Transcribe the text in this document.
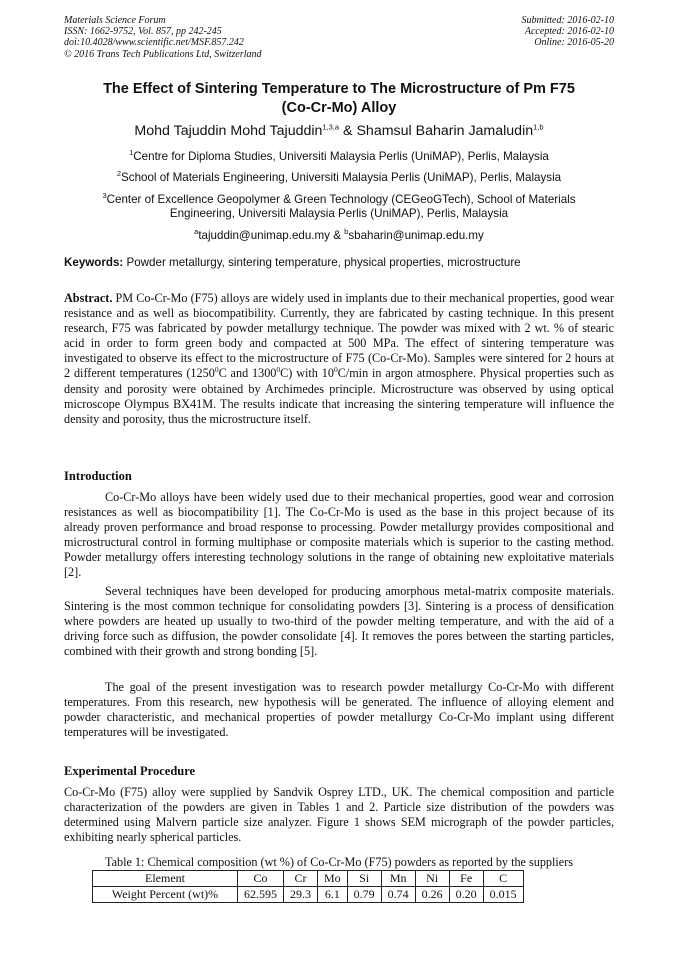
Materials Science Forum
ISSN: 1662-9752, Vol. 857, pp 242-245
doi:10.4028/www.scientific.net/MSF.857.242
© 2016 Trans Tech Publications Ltd, Switzerland
Submitted: 2016-02-10
Accepted: 2016-02-10
Online: 2016-05-20
The Effect of Sintering Temperature to The Microstructure of Pm F75
(Co-Cr-Mo) Alloy
Mohd Tajuddin Mohd Tajuddin$^{1,3,a}$ & Shamsul Baharin Jamaludin$^{1,b}$
$^1$Centre for Diploma Studies, Universiti Malaysia Perlis (UniMAP), Perlis, Malaysia
$^2$School of Materials Engineering, Universiti Malaysia Perlis (UniMAP), Perlis, Malaysia
$^3$Center of Excellence Geopolymer & Green Technology (CEGeoGTech), School of Materials
Engineering, Universiti Malaysia Perlis (UniMAP), Perlis, Malaysia
$^a$tajuddin@unimap.edu.my & $^b$sbaharin@unimap.edu.my
Keywords: Powder metallurgy, sintering temperature, physical properties, microstructure
Abstract. PM Co-Cr-Mo (F75) alloys are widely used in implants due to their mechanical properties, good wear resistance and as well as biocompatibility. Currently, they are fabricated by casting technique. In this present research, F75 was fabricated by powder metallurgy technique. The powder was mixed with 2 wt. % of stearic acid in order to form green body and compacted at 500 MPa. The effect of sintering temperature was investigated to observe its effect to the microstructure of F75 (Co-Cr-Mo). Samples were sintered for 2 hours at 2 different temperatures (1250$^0$C and 1300$^0$C) with $10^0C/\min$ in argon atmosphere. Physical properties such as density and porosity were obtained by Archimedes principle. Microstructure was observed by using optical microscope Olympus BX41M. The results indicate that increasing the sintering temperature will influence the density and porosity, thus the microstructure itself.
Introduction
Co-Cr-Mo alloys have been widely used due to their mechanical properties, good wear and corrosion resistances as well as biocompatibility [1]. The Co-Cr-Mo is used as the base in this project because of its already proven performance and broad response to processing. Powder metallurgy provides compositional and microstructural control in forming multiphase or composite materials which is superior to the casting method. Powder metallurgy offers interesting technology solutions in the range of obtaining new exploitative materials [2].
Several techniques have been developed for producing amorphous metal-matrix composite materials. Sintering is the most common technique for consolidating powders [3]. Sintering is a process of densification where powders are heated up usually to two-third of the powder melting temperature, and with the aid of a driving force such as diffusion, the powder consolidate [4]. It removes the pores between the starting particles, combined with their growth and strong bonding [5].
The goal of the present investigation was to research powder metallurgy Co-Cr-Mo with different temperatures. From this research, new hypothesis will be generated. The influence of alloying element and powder characteristic, and mechanical properties of powder metallurgy Co-Cr-Mo implant using different temperatures will be investigated.
Experimental Procedure
Co-Cr-Mo (F75) alloy were supplied by Sandvik Osprey LTD., UK. The chemical composition and particle characterization of the powders are given in Tables 1 and 2. Particle size distribution of the powders was determined using Malvern particle size analyzer. Figure 1 shows SEM micrograph of the powder particles, exhibiting nearly spherical particles.
Table 1: Chemical composition (wt %) of Co-Cr-Mo (F75) powders as reported by the suppliers
Element	Co	Cr	Mo	Si	Mn	Ni	Fe	C
Weight Percent (wt)%	62.595	29.3	6.1	0.79	0.74	0.26	0.20	0.015
